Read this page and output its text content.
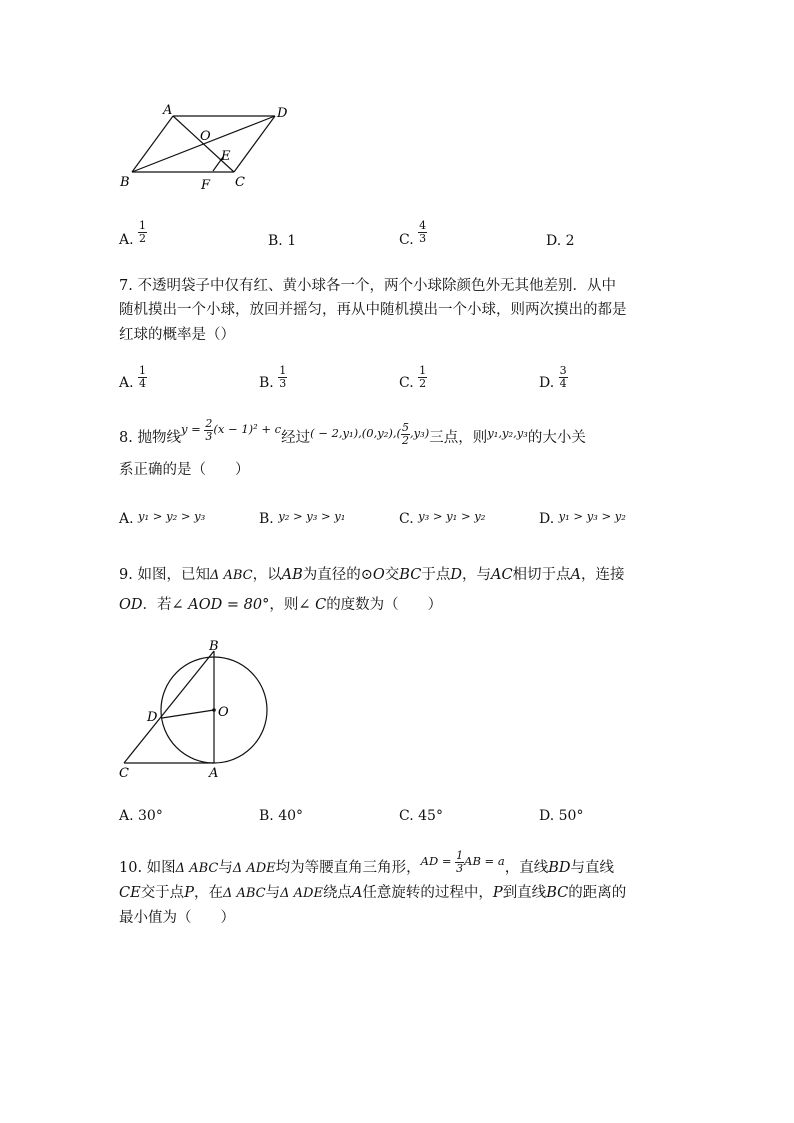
A	D
O
E
B	F C
A. $\frac{1}{2}$	B. 1	C. $\frac{4}{3}$	D. 2
7. 不透明袋子中仅有红、黄小球各一个，两个小球除颜色外无其他差别．从中
随机摸出一个小球，放回并摇匀，再从中随机摸出一个小球，则两次摸出的都是
红球的概率是（）
A. $\frac{1}{4}$	B. $\frac{1}{3}$	C. $\frac{1}{2}$	D. $\frac{3}{4}$
8. 抛物线
$y = \frac{2}{3} (x - 1)^2 + c$
经过 ( − $2,y_1),(0,y_2),( \frac{5}{2} ,y_3)$ 三点，则 y₁,y₂,y₃ 的大小关
系正确的是（　　）
A. $^{y_1 > y_2 > y_3}$	B. $^{y_2 > y_3 > y_1}$	C. $^{y_3 > y_1 > y_2}$	D. $^{y_1 > y_3 > y_2}$
9. 如图，已知Δ ABC，以AB为直径的⊙O交BC于点D，与AC相切于点A，连接
OD．若∠ AOD = 80°，则∠ C的度数为（　　）
B
D	O
C	A
A. 30°	B. 40°	C. 45°	D. 50°
10. 如图 Δ ABC 与 Δ ADE 均为等腰直角三角形， AD = $\frac{1}{3}$ AB = a ，直线 BD 与直线
CE交于点P，在Δ ABC与Δ ADE绕点A任意旋转的过程中，P到直线BC的距离的
最小值为（　　）
